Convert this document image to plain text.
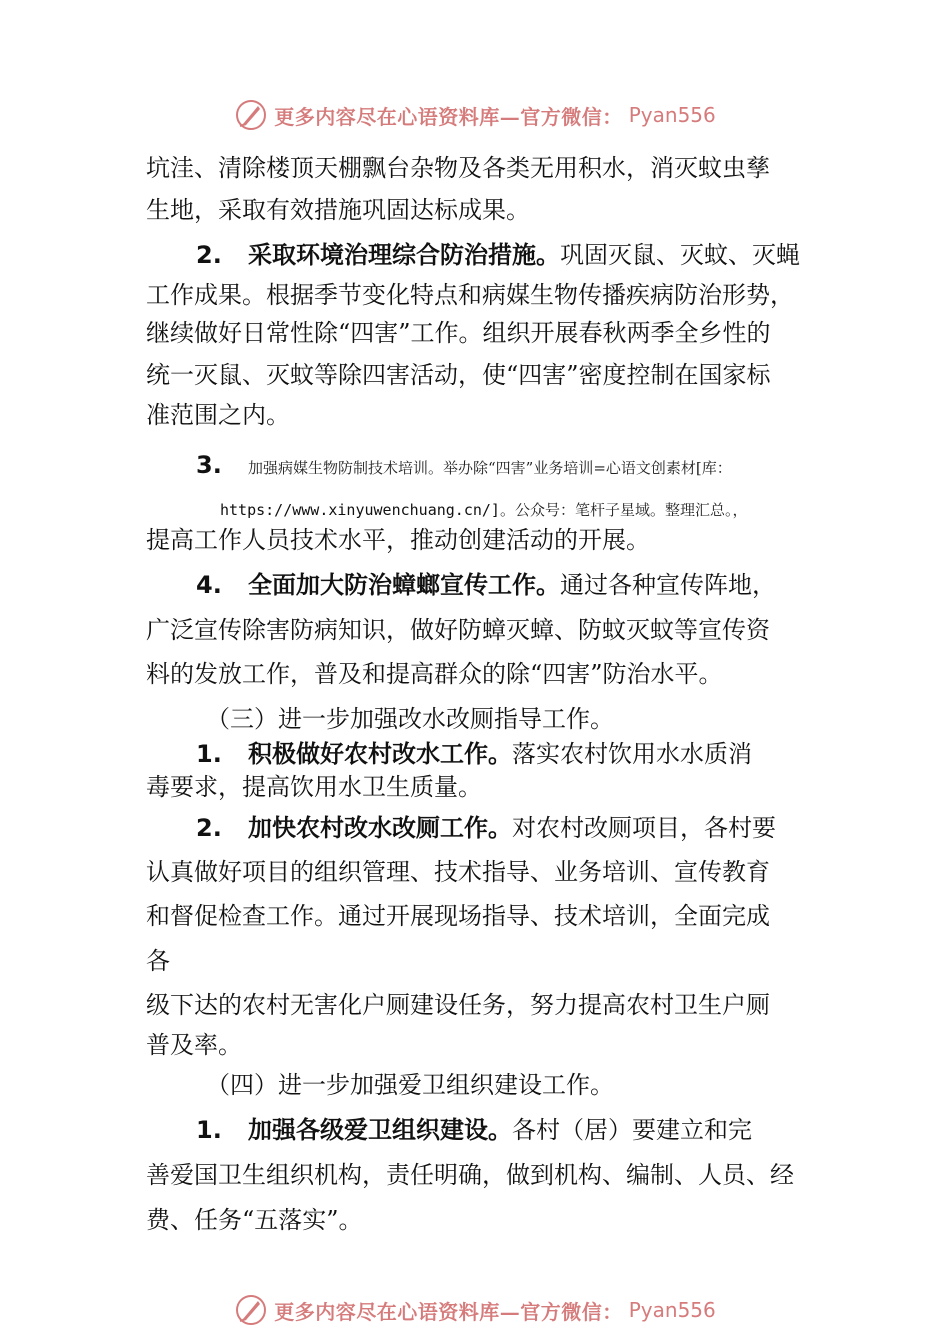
更多内容尽在心语资料库—官方微信： Pyan556
坑洼、清除楼顶天棚飘台杂物及各类无用积水，消灭蚊虫孳
生地，采取有效措施巩固达标成果。
2. 采取环境治理综合防治措施。巩固灭鼠、灭蚊、灭蝇
工作成果。根据季节变化特点和病媒生物传播疾病防治形势，
继续做好日常性除“四害”工作。组织开展春秋两季全乡性的
统一灭鼠、灭蚊等除四害活动，使“四害”密度控制在国家标
准范围之内。
3. 加强病媒生物防制技术培训。举办除“四害”业务培训=心语文创素材[库：
https://www.xinyuwenchuang.cn/]。公众号：笔杆子星域。整理汇总。，
提高工作人员技术水平，推动创建活动的开展。
4. 全面加大防治蟑螂宣传工作。通过各种宣传阵地，
广泛宣传除害防病知识，做好防蟑灭蟑、防蚊灭蚊等宣传资
料的发放工作，普及和提高群众的除“四害”防治水平。
（三）进一步加强改水改厕指导工作。
1. 积极做好农村改水工作。落实农村饮用水水质消
毒要求，提高饮用水卫生质量。
2. 加快农村改水改厕工作。对农村改厕项目，各村要
认真做好项目的组织管理、技术指导、业务培训、宣传教育
和督促检查工作。通过开展现场指导、技术培训，全面完成
各
级下达的农村无害化户厕建设任务，努力提高农村卫生户厕
普及率。
（四）进一步加强爱卫组织建设工作。
1. 加强各级爱卫组织建设。各村（居）要建立和完
善爱国卫生组织机构，责任明确，做到机构、编制、人员、经
费、任务“五落实”。
更多内容尽在心语资料库—官方微信： Pyan556
